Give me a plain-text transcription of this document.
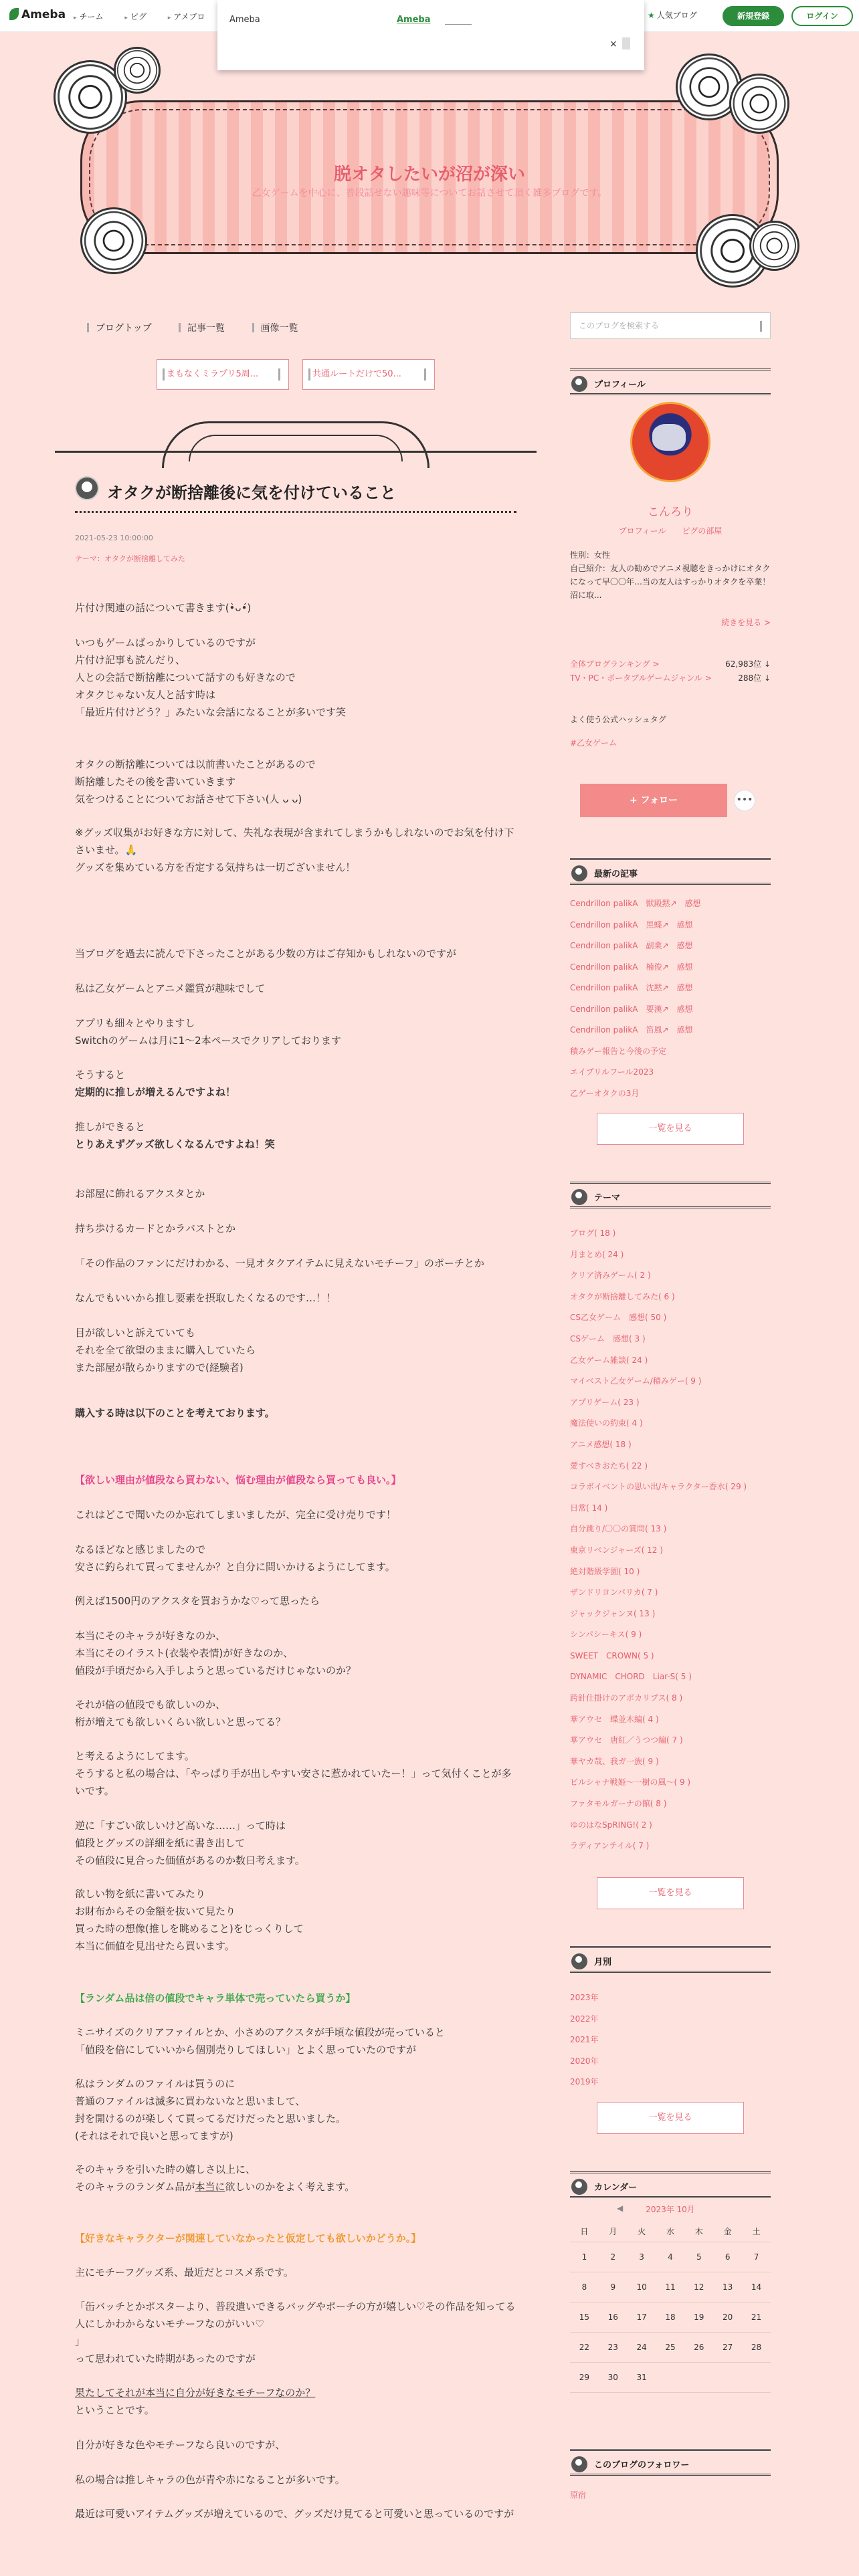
Ameba	▸ チーム	▸ ピグ	▸ アメブロ	★ 人気ブログ	新規登録	ログイン
Ameba	Ameba
×
脱オタしたいが沼が深い
乙女ゲームを中心に、普段話せない趣味等についてお話させて頂く雑多ブログです。
ブログトップ	記事一覧	画像一覧
まもなくミラプリ5周...	共通ルートだけで50...
オタクが断捨離後に気を付けていること
2021-05-23 10:00:00
テーマ：オタクが断捨離してみた

片付け関連の話について書きます(•̀ᴗ•́)

いつもゲームばっかりしているのですが
片付け記事も読んだり、
人との会話で断捨離について話すのも好きなので
オタクじゃない友人と話す時は
「最近片付けどう？」みたいな会話になることが多いです笑

オタクの断捨離については以前書いたことがあるので
断捨離したその後を書いていきます
気をつけることについてお話させて下さい(人 ᴗ ᴗ)

※グッズ収集がお好きな方に対して、失礼な表現が含まれてしまうかもしれないのでお気を付け下さいませ。🙏
グッズを集めている方を否定する気持ちは一切ございません！

当ブログを過去に読んで下さったことがある少数の方はご存知かもしれないのですが

私は乙女ゲームとアニメ鑑賞が趣味でして

アプリも細々とやりますし
Switchのゲームは月に1〜2本ペースでクリアしております

そうすると

定期的に推しが増えるんですよね！

推しができると

とりあえずグッズ欲しくなるんですよね！笑

お部屋に飾れるアクスタとか

持ち歩けるカードとかラバストとか

「その作品のファンにだけわかる、一見オタクアイテムに見えないモチーフ」のポーチとか

なんでもいいから推し要素を摂取したくなるのです…！！

目が欲しいと訴えていても
それを全て欲望のままに購入していたら
また部屋が散らかりますので(経験者)

購入する時は以下のことを考えております。

【欲しい理由が値段なら買わない、悩む理由が値段なら買っても良い。】

これはどこで聞いたのか忘れてしまいましたが、完全に受け売りです！

なるほどなと感じましたので
安さに釣られて買ってませんか？と自分に問いかけるようにしてます。

例えば1500円のアクスタを買おうかな♡って思ったら

本当にそのキャラが好きなのか、
本当にそのイラスト(衣装や表情)が好きなのか、
値段が手頃だから入手しようと思っているだけじゃないのか？

それが倍の値段でも欲しいのか、
桁が増えても欲しいくらい欲しいと思ってる？

と考えるようにしてます。
そうすると私の場合は、「やっぱり手が出しやすい安さに惹かれていたー！」って気付くことが多いです。

逆に「すごい欲しいけど高いな……」って時は
値段とグッズの詳細を紙に書き出して
その値段に見合った価値があるのか数日考えます。

欲しい物を紙に書いてみたり
お財布からその金額を抜いて見たり
買った時の想像(推しを眺めること)をじっくりして
本当に価値を見出せたら買います。

【ランダム品は倍の値段でキャラ単体で売っていたら買うか】

ミニサイズのクリアファイルとか、小さめのアクスタが手頃な値段が売っていると
「値段を倍にしていいから個別売りしてほしい」とよく思っていたのですが

私はランダムのファイルは買うのに
普通のファイルは滅多に買わないなと思いまして、
封を開けるのが楽しくて買ってるだけだったと思いました。
(それはそれで良いと思ってますが)

そのキャラを引いた時の嬉しさ以上に、

そのキャラのランダム品が本当に欲しいのかをよく考えます。

【好きなキャラクターが関連していなかったと仮定しても欲しいかどうか。】

主にモチーフグッズ系、最近だとコスメ系です。

「缶バッチとかポスターより、普段遣いできるバッグやポーチの方が嬉しい♡その作品を知ってる人にしかわからないモチーフなのがいい♡
」
って思われていた時期があったのですが

果たしてそれが本当に自分が好きなモチーフなのか？

ということです。

自分が好きな色やモチーフなら良いのですが、

私の場合は推しキャラの色が青や赤になることが多いです。

最近は可愛いアイテムグッズが増えているので、グッズだけ見てると可愛いと思っているのですが

このブログを検索する
プロフィール
こんろり
プロフィール ピグの部屋
性別：女性
自己紹介：友人の勧めでアニメ視聴をきっかけにオタクになって早〇〇年…当の友人はすっかりオタクを卒業！ 沼に取...
続きを見る >
全体ブログランキング >	62,983位 ↓
TV・PC・ポータブルゲームジャンル >	288位 ↓
よく使う公式ハッシュタグ
#乙女ゲーム
+ フォロー	•••
最新の記事
Cendrillon palikA　獣殿黙↗　感想
Cendrillon palikA　黒蝶↗　感想
Cendrillon palikA　副業↗　感想
Cendrillon palikA　楠俊↗　感想
Cendrillon palikA　沈黙↗　感想
Cendrillon palikA　要漢↗　感想
Cendrillon palikA　笛風↗　感想
積みゲー報告と今後の予定
エイプリルフール2023
乙ゲーオタクの3月
一覧を見る
テーマ
ブログ( 18 )
月まとめ( 24 )
クリア済みゲーム( 2 )
オタクが断捨離してみた( 6 )
CS乙女ゲーム　感想( 50 )
CSゲーム　感想( 3 )
乙女ゲーム雑談( 24 )
マイベスト乙女ゲーム/積みゲー( 9 )
アプリゲーム( 23 )
魔法使いの約束( 4 )
アニメ感想( 18 )
愛すべきおたち( 22 )
コラボイベントの思い出/キャラクター香水( 29 )
日常( 14 )
自分跳り/〇〇の質問( 13 )
東京リベンジャーズ( 12 )
絶対階級学園( 10 )
ザンドリヨンパリカ( 7 )
ジャックジャンヌ( 13 )
シンパシーキス( 9 )
SWEET　CROWN( 5 )
DYNAMIC　CHORD　Liar-S( 5 )
跨針仕掛けのアポカリプス( 8 )
華アウセ　蝶並木編( 4 )
華アウセ　唐紅／うつつ編( 7 )
華ヤカ哉、我ガ一族( 9 )
ビルシャナ戦姫〜一樹の風〜( 9 )
ファタモルガーナの館( 8 )
ゆのはなSpRING!( 2 )
ラディアンテイル( 7 )
一覧を見る
月別
2023年
2022年
2021年
2020年
2019年
一覧を見る
カレンダー
◀	2023年 10月
日	月	火	水	木	金	土
1	2	3	4	5	6	7
8	9	10	11	12	13	14
15	16	17	18	19	20	21
22	23	24	25	26	27	28
29	30	31				
このブログのフォロワー
原宿
